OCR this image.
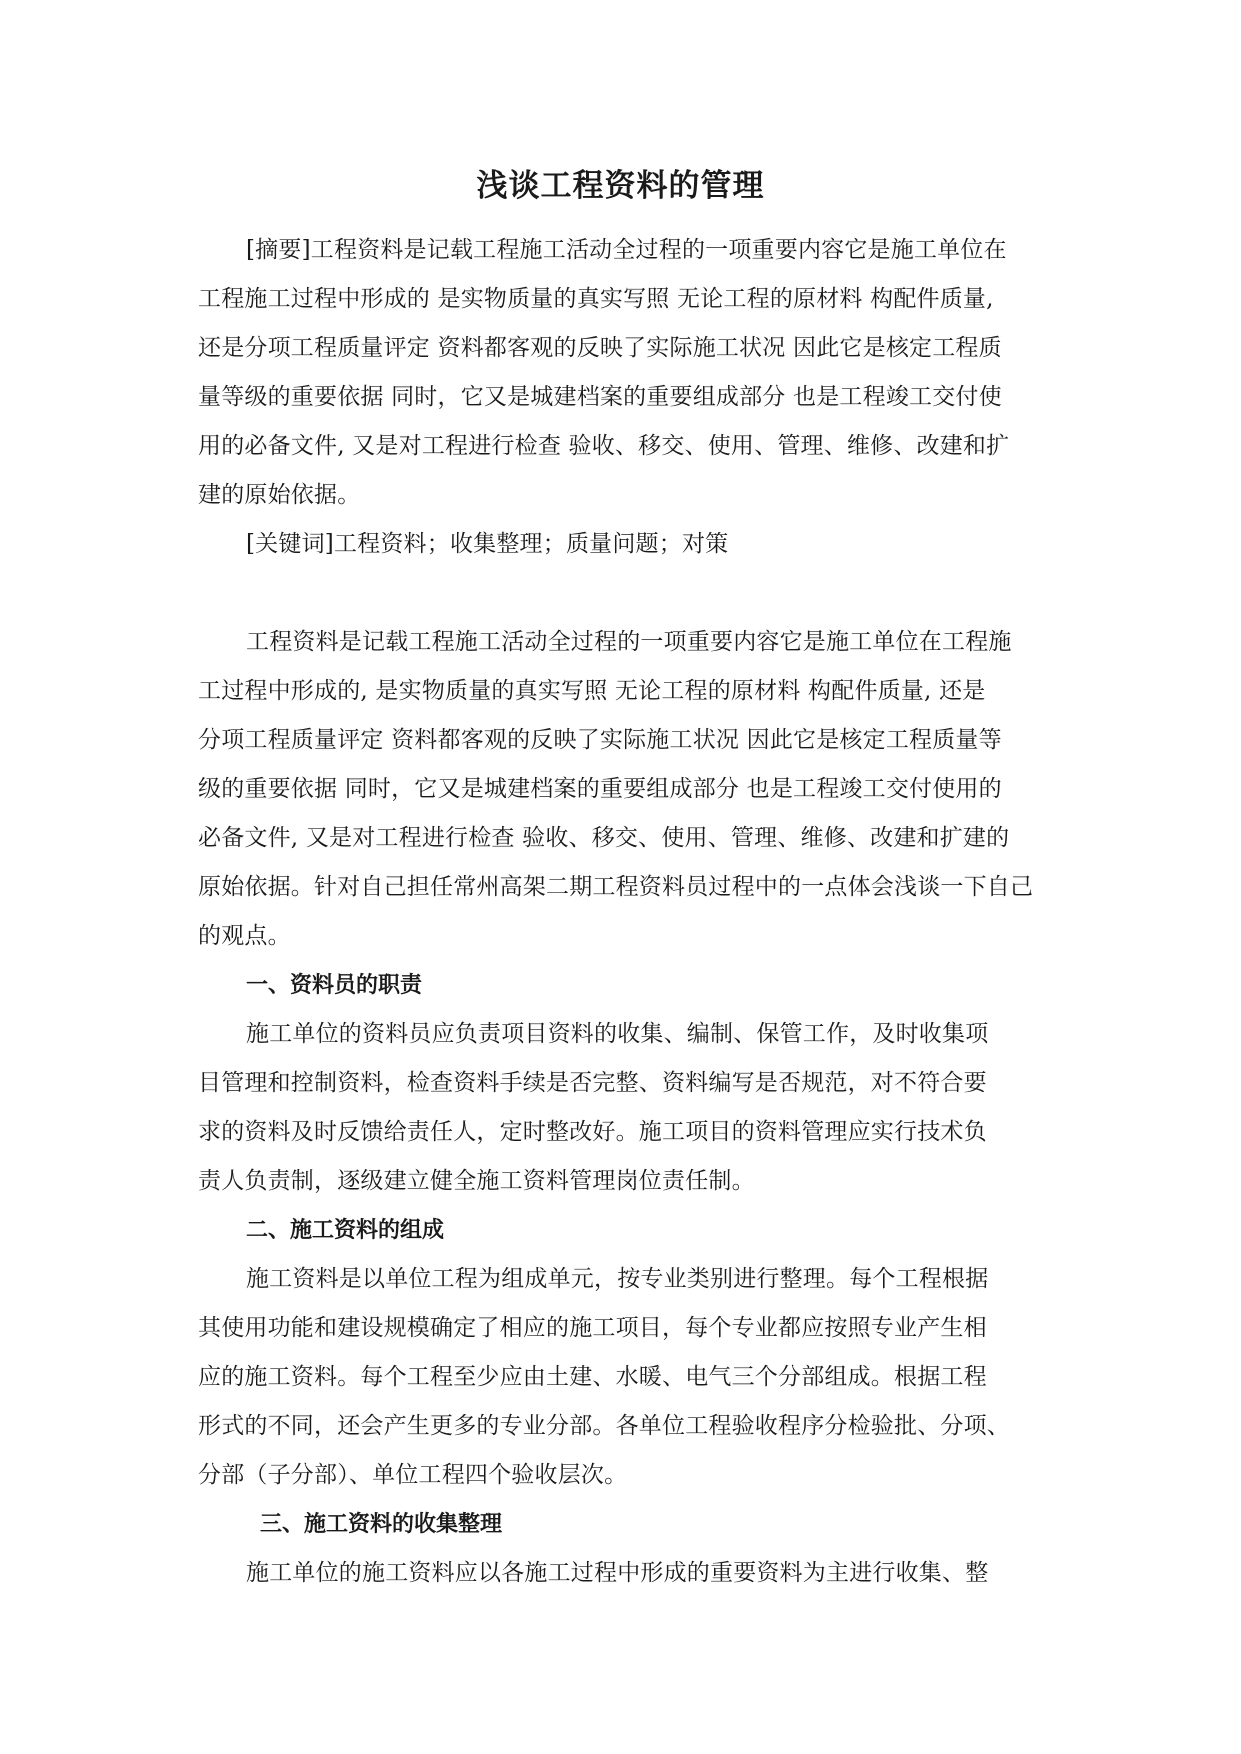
浅谈工程资料的管理
[摘要]工程资料是记载工程施工活动全过程的一项重要内容它是施工单位在
工程施工过程中形成的 是实物质量的真实写照 无论工程的原材料 构配件质量,
还是分项工程质量评定 资料都客观的反映了实际施工状况 因此它是核定工程质
量等级的重要依据 同时，它又是城建档案的重要组成部分 也是工程竣工交付使
用的必备文件, 又是对工程进行检查 验收、移交、使用、管理、维修、改建和扩
建的原始依据。
[关键词]工程资料；收集整理；质量问题；对策
工程资料是记载工程施工活动全过程的一项重要内容它是施工单位在工程施
工过程中形成的, 是实物质量的真实写照 无论工程的原材料 构配件质量, 还是
分项工程质量评定 资料都客观的反映了实际施工状况 因此它是核定工程质量等
级的重要依据 同时，它又是城建档案的重要组成部分 也是工程竣工交付使用的
必备文件, 又是对工程进行检查 验收、移交、使用、管理、维修、改建和扩建的
原始依据。针对自己担任常州高架二期工程资料员过程中的一点体会浅谈一下自己
的观点。
一、资料员的职责
施工单位的资料员应负责项目资料的收集、编制、保管工作，及时收集项
目管理和控制资料，检查资料手续是否完整、资料编写是否规范，对不符合要
求的资料及时反馈给责任人，定时整改好。施工项目的资料管理应实行技术负
责人负责制，逐级建立健全施工资料管理岗位责任制。
二、施工资料的组成
施工资料是以单位工程为组成单元，按专业类别进行整理。每个工程根据
其使用功能和建设规模确定了相应的施工项目，每个专业都应按照专业产生相
应的施工资料。每个工程至少应由土建、水暖、电气三个分部组成。根据工程
形式的不同，还会产生更多的专业分部。各单位工程验收程序分检验批、分项、
分部（子分部）、单位工程四个验收层次。
三、施工资料的收集整理
施工单位的施工资料应以各施工过程中形成的重要资料为主进行收集、整
